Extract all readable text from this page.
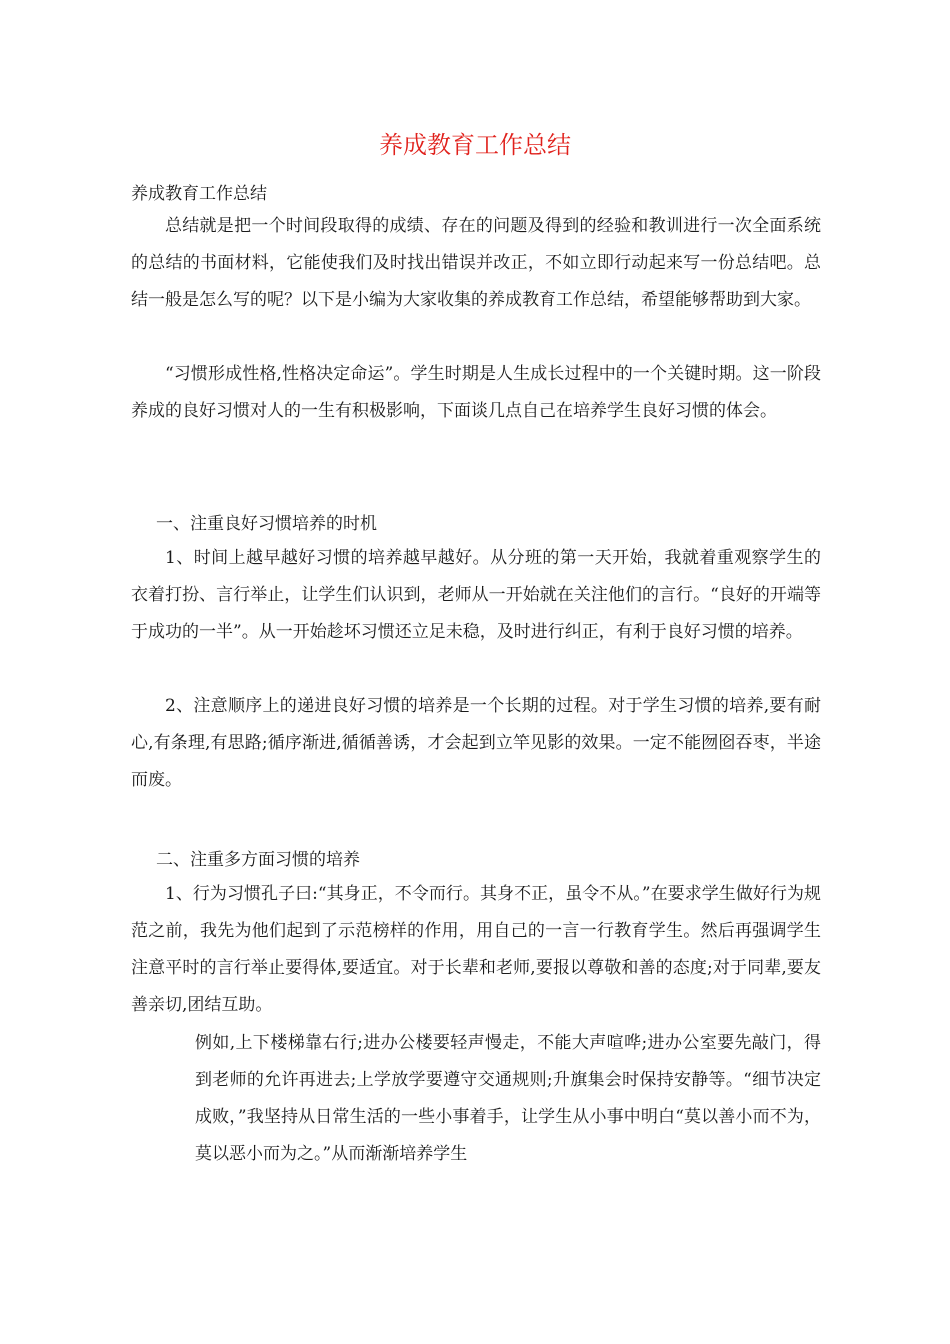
养成教育工作总结

养成教育工作总结

总结就是把一个时间段取得的成绩、存在的问题及得到的经验和教训进行一次全面系统的总结的书面材料，它能使我们及时找出错误并改正，不如立即行动起来写一份总结吧。总结一般是怎么写的呢？以下是小编为大家收集的养成教育工作总结，希望能够帮助到大家。

“习惯形成性格,性格决定命运”。学生时期是人生成长过程中的一个关键时期。这一阶段养成的良好习惯对人的一生有积极影响，下面谈几点自己在培养学生良好习惯的体会。

一、注重良好习惯培养的时机

1、时间上越早越好习惯的培养越早越好。从分班的第一天开始，我就着重观察学生的衣着打扮、言行举止，让学生们认识到，老师从一开始就在关注他们的言行。“良好的开端等于成功的一半”。从一开始趁坏习惯还立足未稳，及时进行纠正，有利于良好习惯的培养。

2、注意顺序上的递进良好习惯的培养是一个长期的过程。对于学生习惯的培养,要有耐心,有条理,有思路;循序渐进,循循善诱，才会起到立竿见影的效果。一定不能囫囵吞枣，半途而废。

二、注重多方面习惯的培养

1、行为习惯孔子曰:“其身正，不令而行。其身不正，虽令不从。”在要求学生做好行为规范之前，我先为他们起到了示范榜样的作用，用自己的一言一行教育学生。然后再强调学生注意平时的言行举止要得体,要适宜。对于长辈和老师,要报以尊敬和善的态度;对于同辈,要友善亲切,团结互助。

例如,上下楼梯靠右行;进办公楼要轻声慢走，不能大声喧哗;进办公室要先敲门，得到老师的允许再进去;上学放学要遵守交通规则;升旗集会时保持安静等。“细节决定成败，”我坚持从日常生活的一些小事着手，让学生从小事中明白“莫以善小而不为，莫以恶小而为之。”从而渐渐培养学生
